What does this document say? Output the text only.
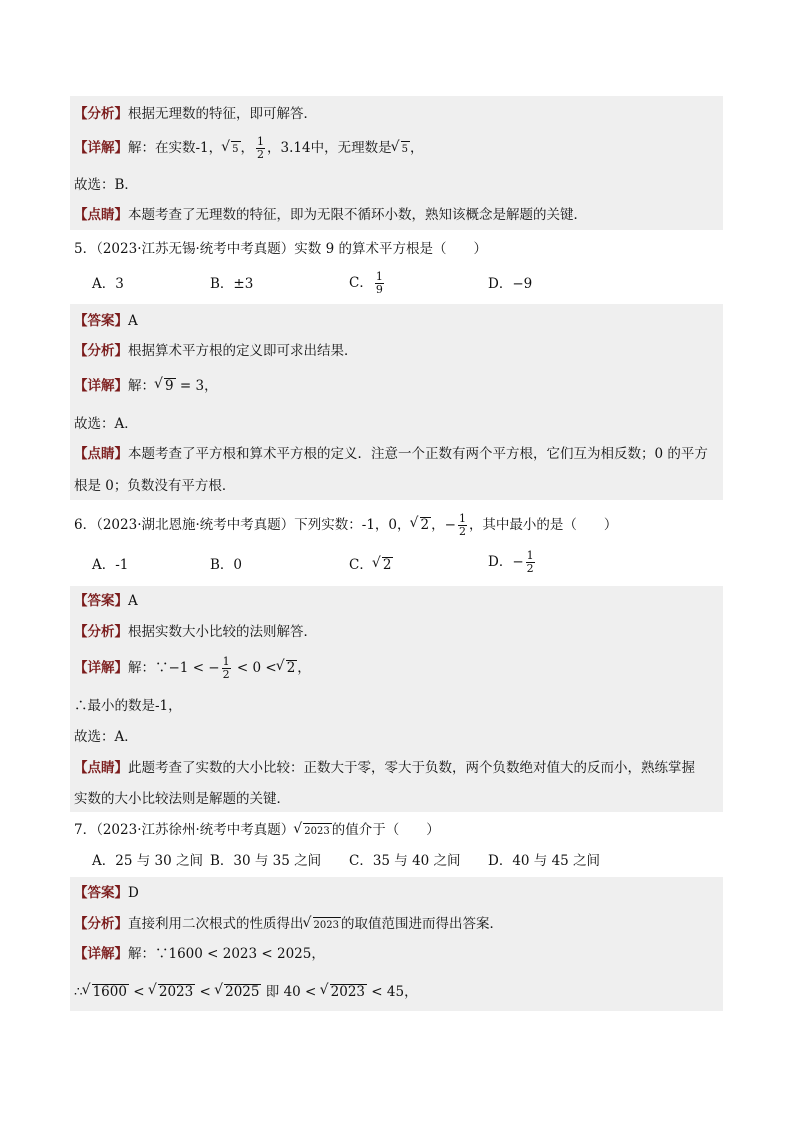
【分析】根据无理数的特征，即可解答．
【详解】解：在实数-1， √ 5 ， $\frac{1}{2}$ ，3.14中，无理数是 √ 5 ，
故选：B．
【点睛】本题考查了无理数的特征，即为无限不循环小数，熟知该概念是解题的关键．
5．（2023·江苏无锡·统考中考真题）实数 9 的算术平方根是（　　）
A．3	B．±3	C． $\frac{1}{9}$	D．−9
【答案】A
【分析】根据算术平方根的定义即可求出结果．
【详解】解： √ 9 = 3，
故选：A．
【点睛】本题考查了平方根和算术平方根的定义．注意一个正数有两个平方根，它们互为相反数；0 的平方
根是 0；负数没有平方根．
6．（2023·湖北恩施·统考中考真题）下列实数：-1，0， √ 2 ，− $\frac{1}{2}$ ，其中最小的是（　　）
A．-1	B．0	C． √ 2	D．− $\frac{1}{2}$
【答案】A
【分析】根据实数大小比较的法则解答．
【详解】解：∵−1 < − $\frac{1}{2} < 0$ < √ 2 ，
∴最小的数是-1，
故选：A．
【点睛】此题考查了实数的大小比较：正数大于零，零大于负数，两个负数绝对值大的反而小，熟练掌握
实数的大小比较法则是解题的关键．
7．（2023·江苏徐州·统考中考真题） √ 2023 的值介于（　　）
A．25 与 30 之间 B．30 与 35 之间 C．35 与 40 之间 D．40 与 45 之间
【答案】D
【分析】直接利用二次根式的性质得出 √ 2023 的取值范围进而得出答案．
【详解】解：∵1600 < 2023 < 2025，
∴ √ 1600 < √ 2023 < √ 2025 即 40 < √ 2023 < 45，
